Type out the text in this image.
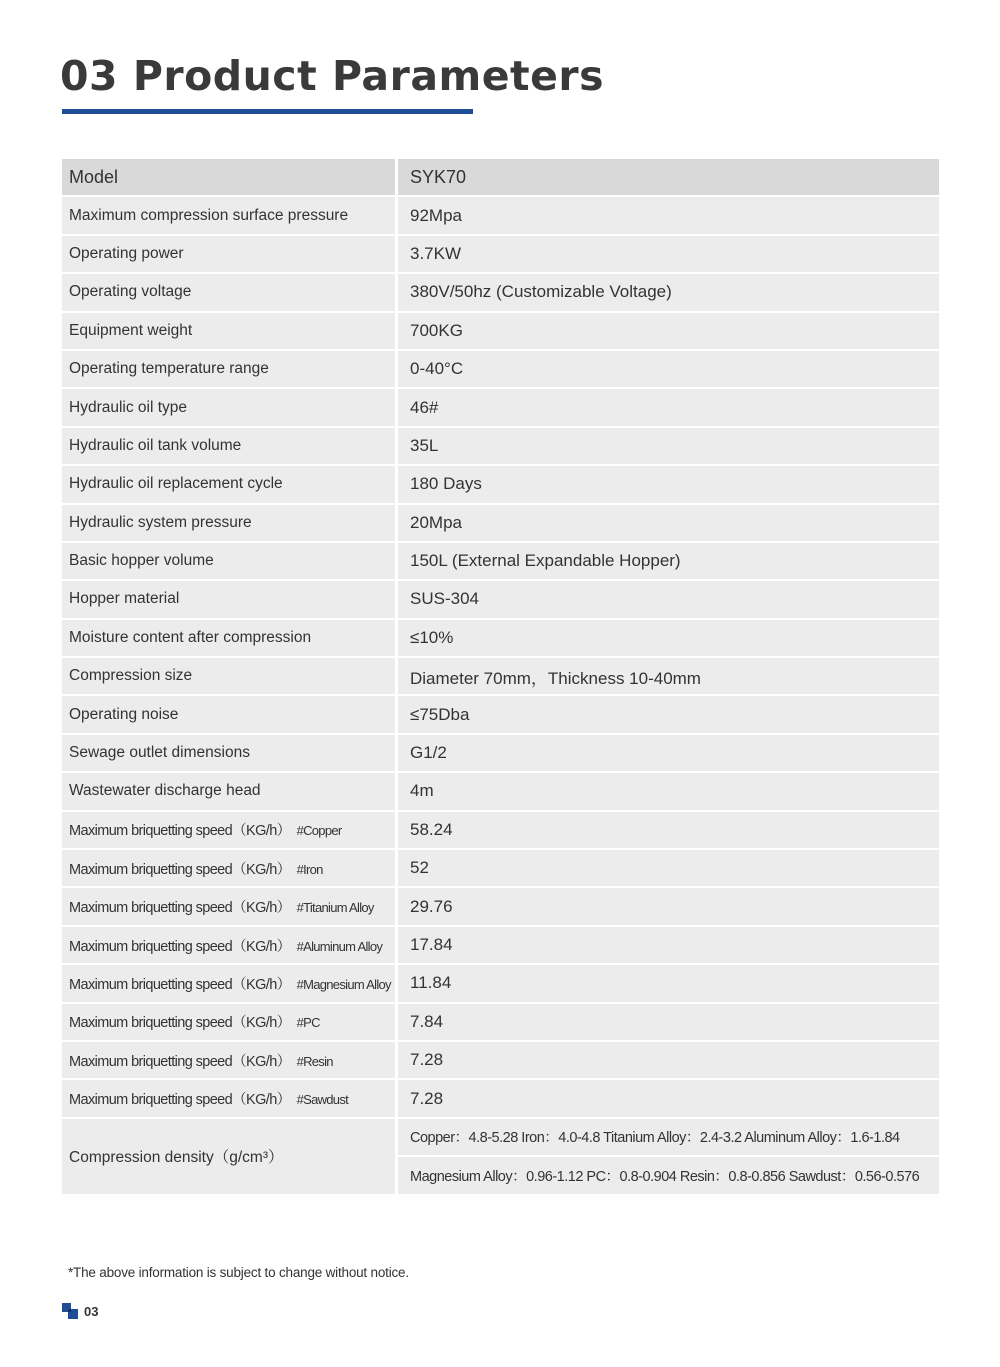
03 Product Parameters
Model	SYK70
Maximum compression surface pressure	92Mpa
Operating power	3.7KW
Operating voltage	380V/50hz (Customizable Voltage)
Equipment weight	700KG
Operating temperature range	0-40°C
Hydraulic oil type	46#
Hydraulic oil tank volume	35L
Hydraulic oil replacement cycle	180 Days
Hydraulic system pressure	20Mpa
Basic hopper volume	150L (External Expandable Hopper)
Hopper material	SUS-304
Moisture content after compression	≤10%
Compression size	Diameter 70mm，Thickness 10-40mm
Operating noise	≤75Dba
Sewage outlet dimensions	G1/2
Wastewater discharge head	4m
Maximum briquetting speed（KG/h） #Copper	58.24
Maximum briquetting speed（KG/h） #Iron	52
Maximum briquetting speed（KG/h） #Titanium Alloy	29.76
Maximum briquetting speed（KG/h） #Aluminum Alloy	17.84
Maximum briquetting speed（KG/h） #Magnesium Alloy	11.84
Maximum briquetting speed（KG/h） #PC	7.84
Maximum briquetting speed（KG/h） #Resin	7.28
Maximum briquetting speed（KG/h） #Sawdust	7.28
Compression density（g/cm³）	Copper：4.8-5.28 Iron：4.0-4.8 Titanium Alloy：2.4-3.2 Aluminum Alloy：1.6-1.84
	Magnesium Alloy：0.96-1.12 PC：0.8-0.904 Resin：0.8-0.856 Sawdust：0.56-0.576
*The above information is subject to change without notice.
03
